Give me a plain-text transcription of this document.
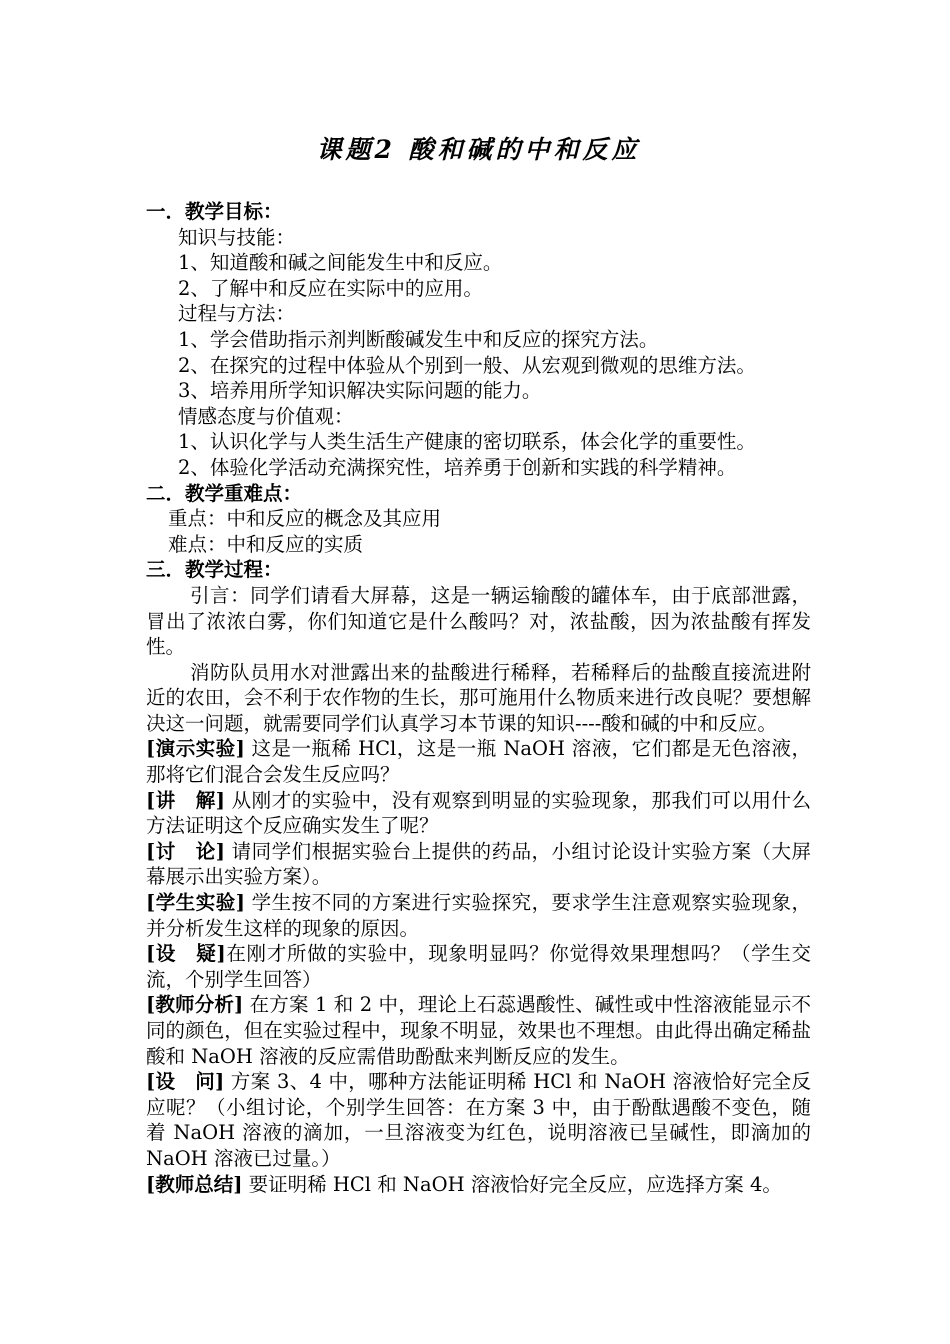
课题2 酸和碱的中和反应

一．教学目标：

知识与技能：

1、知道酸和碱之间能发生中和反应。

2、了解中和反应在实际中的应用。

过程与方法：

1、学会借助指示剂判断酸碱发生中和反应的探究方法。

2、在探究的过程中体验从个别到一般、从宏观到微观的思维方法。

3、培养用所学知识解决实际问题的能力。

情感态度与价值观：

1、认识化学与人类生活生产健康的密切联系，体会化学的重要性。

2、体验化学活动充满探究性，培养勇于创新和实践的科学精神。

二．教学重难点：

重点：中和反应的概念及其应用

难点：中和反应的实质

三．教学过程：

引言：同学们请看大屏幕，这是一辆运输酸的罐体车，由于底部泄露，冒出了浓浓白雾，你们知道它是什么酸吗？对，浓盐酸，因为浓盐酸有挥发性。

消防队员用水对泄露出来的盐酸进行稀释，若稀释后的盐酸直接流进附近的农田，会不利于农作物的生长，那可施用什么物质来进行改良呢？要想解决这一问题，就需要同学们认真学习本节课的知识----酸和碱的中和反应。

[演示实验] 这是一瓶稀 HCl，这是一瓶 NaOH 溶液，它们都是无色溶液，那将它们混合会发生反应吗？

[讲　解] 从刚才的实验中，没有观察到明显的实验现象，那我们可以用什么方法证明这个反应确实发生了呢？

[讨　论] 请同学们根据实验台上提供的药品，小组讨论设计实验方案（大屏幕展示出实验方案）。

[学生实验] 学生按不同的方案进行实验探究，要求学生注意观察实验现象，并分析发生这样的现象的原因。

[设　疑]在刚才所做的实验中，现象明显吗？你觉得效果理想吗？（学生交流，个别学生回答）

[教师分析] 在方案 1 和 2 中，理论上石蕊遇酸性、碱性或中性溶液能显示不同的颜色，但在实验过程中，现象不明显，效果也不理想。由此得出确定稀盐酸和 NaOH 溶液的反应需借助酚酞来判断反应的发生。

[设　问] 方案 3、4 中，哪种方法能证明稀 HCl 和 NaOH 溶液恰好完全反应呢？（小组讨论，个别学生回答：在方案 3 中，由于酚酞遇酸不变色，随着 NaOH 溶液的滴加，一旦溶液变为红色，说明溶液已呈碱性，即滴加的 NaOH 溶液已过量。）

[教师总结] 要证明稀 HCl 和 NaOH 溶液恰好完全反应，应选择方案 4。
